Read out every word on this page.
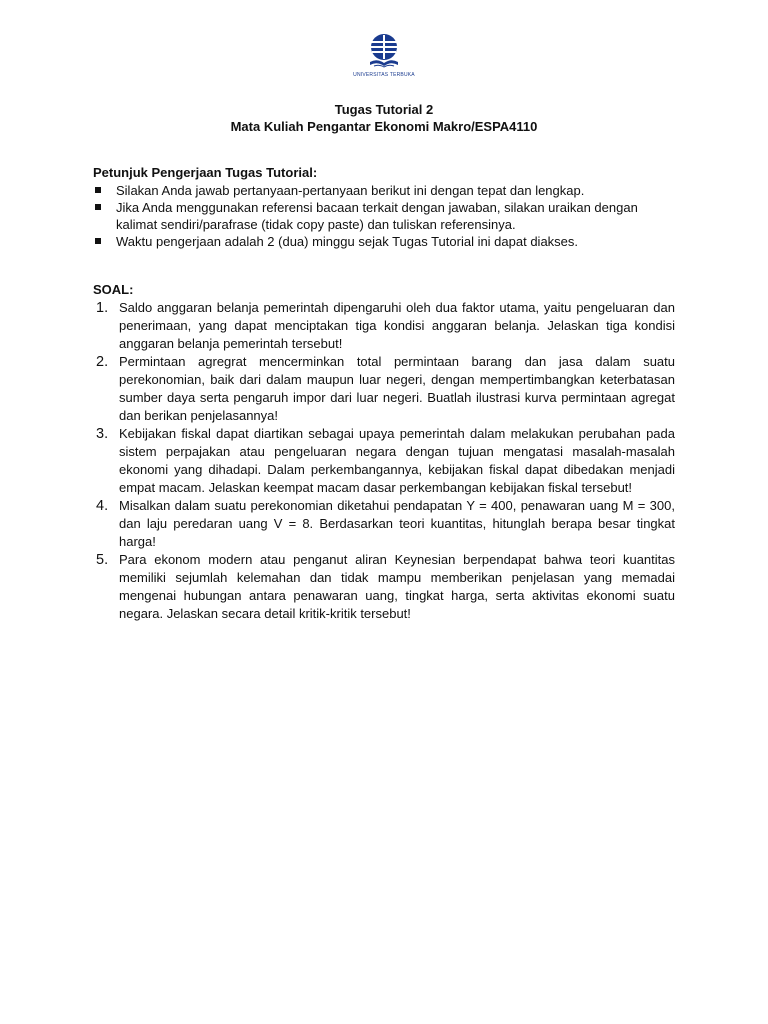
UNIVERSITAS TERBUKA
Tugas Tutorial 2
Mata Kuliah Pengantar Ekonomi Makro/ESPA4110
Petunjuk Pengerjaan Tugas Tutorial:
Silakan Anda jawab pertanyaan-pertanyaan berikut ini dengan tepat dan lengkap.
Jika Anda menggunakan referensi bacaan terkait dengan jawaban, silakan uraikan dengan kalimat sendiri/parafrase (tidak copy paste) dan tuliskan referensinya.
Waktu pengerjaan adalah 2 (dua) minggu sejak Tugas Tutorial ini dapat diakses.
SOAL:
1. Saldo anggaran belanja pemerintah dipengaruhi oleh dua faktor utama, yaitu pengeluaran dan penerimaan, yang dapat menciptakan tiga kondisi anggaran belanja. Jelaskan tiga kondisi anggaran belanja pemerintah tersebut!
2. Permintaan agregrat mencerminkan total permintaan barang dan jasa dalam suatu perekonomian, baik dari dalam maupun luar negeri, dengan mempertimbangkan keterbatasan sumber daya serta pengaruh impor dari luar negeri. Buatlah ilustrasi kurva permintaan agregat dan berikan penjelasannya!
3. Kebijakan fiskal dapat diartikan sebagai upaya pemerintah dalam melakukan perubahan pada sistem perpajakan atau pengeluaran negara dengan tujuan mengatasi masalah-masalah ekonomi yang dihadapi. Dalam perkembangannya, kebijakan fiskal dapat dibedakan menjadi empat macam. Jelaskan keempat macam dasar perkembangan kebijakan fiskal tersebut!
4. Misalkan dalam suatu perekonomian diketahui pendapatan Y = 400, penawaran uang M = 300, dan laju peredaran uang V = 8. Berdasarkan teori kuantitas, hitunglah berapa besar tingkat harga!
5. Para ekonom modern atau penganut aliran Keynesian berpendapat bahwa teori kuantitas memiliki sejumlah kelemahan dan tidak mampu memberikan penjelasan yang memadai mengenai hubungan antara penawaran uang, tingkat harga, serta aktivitas ekonomi suatu negara. Jelaskan secara detail kritik-kritik tersebut!
